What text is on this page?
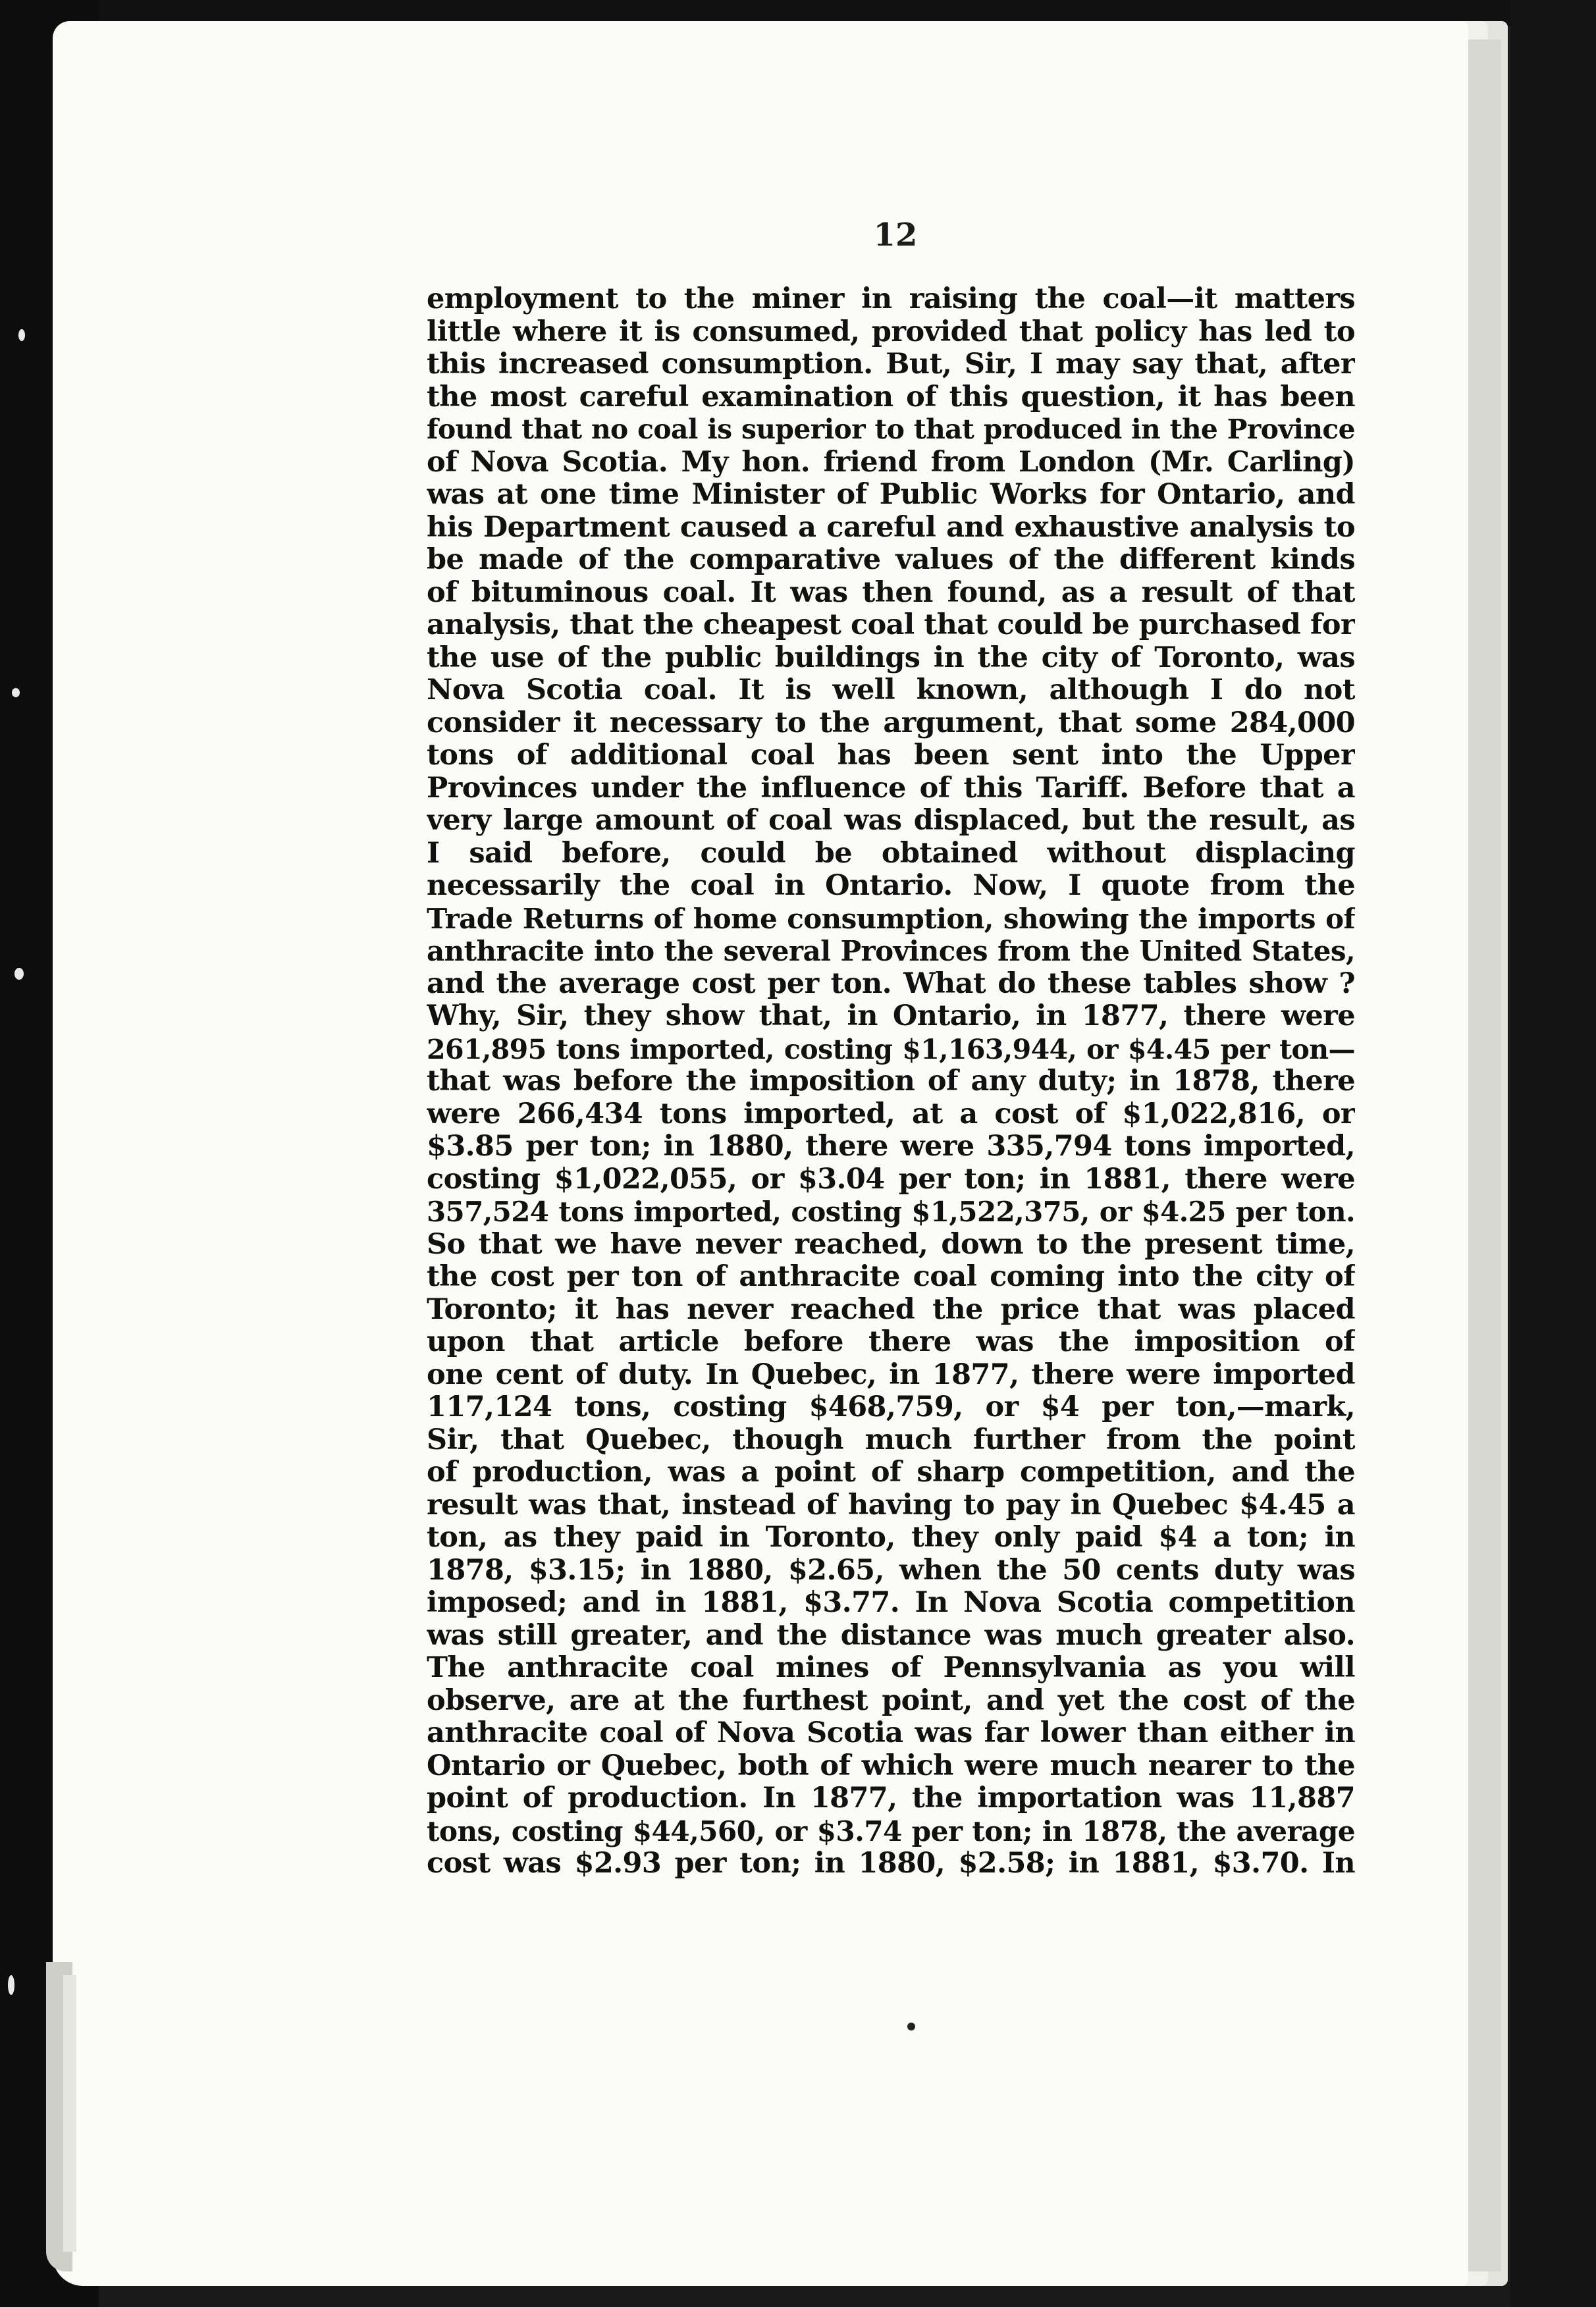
12
employment to the miner in raising the coal—it matters
little where it is consumed, provided that policy has led to
this increased consumption. But, Sir, I may say that, after
the most careful examination of this question, it has been
found that no coal is superior to that produced in the Province
of Nova Scotia. My hon. friend from London (Mr. Carling)
was at one time Minister of Public Works for Ontario, and
his Department caused a careful and exhaustive analysis to
be made of the comparative values of the different kinds
of bituminous coal. It was then found, as a result of that
analysis, that the cheapest coal that could be purchased for
the use of the public buildings in the city of Toronto, was
Nova Scotia coal. It is well known, although I do not
consider it necessary to the argument, that some 284,000
tons of additional coal has been sent into the Upper
Provinces under the influence of this Tariff. Before that a
very large amount of coal was displaced, but the result, as
I said before, could be obtained without displacing
necessarily the coal in Ontario. Now, I quote from the
Trade Returns of home consumption, showing the imports of
anthracite into the several Provinces from the United States,
and the average cost per ton. What do these tables show ?
Why, Sir, they show that, in Ontario, in 1877, there were
261,895 tons imported, costing $1,163,944, or $4.45 per ton—
that was before the imposition of any duty; in 1878, there
were 266,434 tons imported, at a cost of $1,022,816, or
$3.85 per ton; in 1880, there were 335,794 tons imported,
costing $1,022,055, or $3.04 per ton; in 1881, there were
357,524 tons imported, costing $1,522,375, or $4.25 per ton.
So that we have never reached, down to the present time,
the cost per ton of anthracite coal coming into the city of
Toronto; it has never reached the price that was placed
upon that article before there was the imposition of
one cent of duty. In Quebec, in 1877, there were imported
117,124 tons, costing $468,759, or $4 per ton,—mark,
Sir, that Quebec, though much further from the point
of production, was a point of sharp competition, and the
result was that, instead of having to pay in Quebec $4.45 a
ton, as they paid in Toronto, they only paid $4 a ton; in
1878, $3.15; in 1880, $2.65, when the 50 cents duty was
imposed; and in 1881, $3.77. In Nova Scotia competition
was still greater, and the distance was much greater also.
The anthracite coal mines of Pennsylvania as you will
observe, are at the furthest point, and yet the cost of the
anthracite coal of Nova Scotia was far lower than either in
Ontario or Quebec, both of which were much nearer to the
point of production. In 1877, the importation was 11,887
tons, costing $44,560, or $3.74 per ton; in 1878, the average
cost was $2.93 per ton; in 1880, $2.58; in 1881, $3.70. In
